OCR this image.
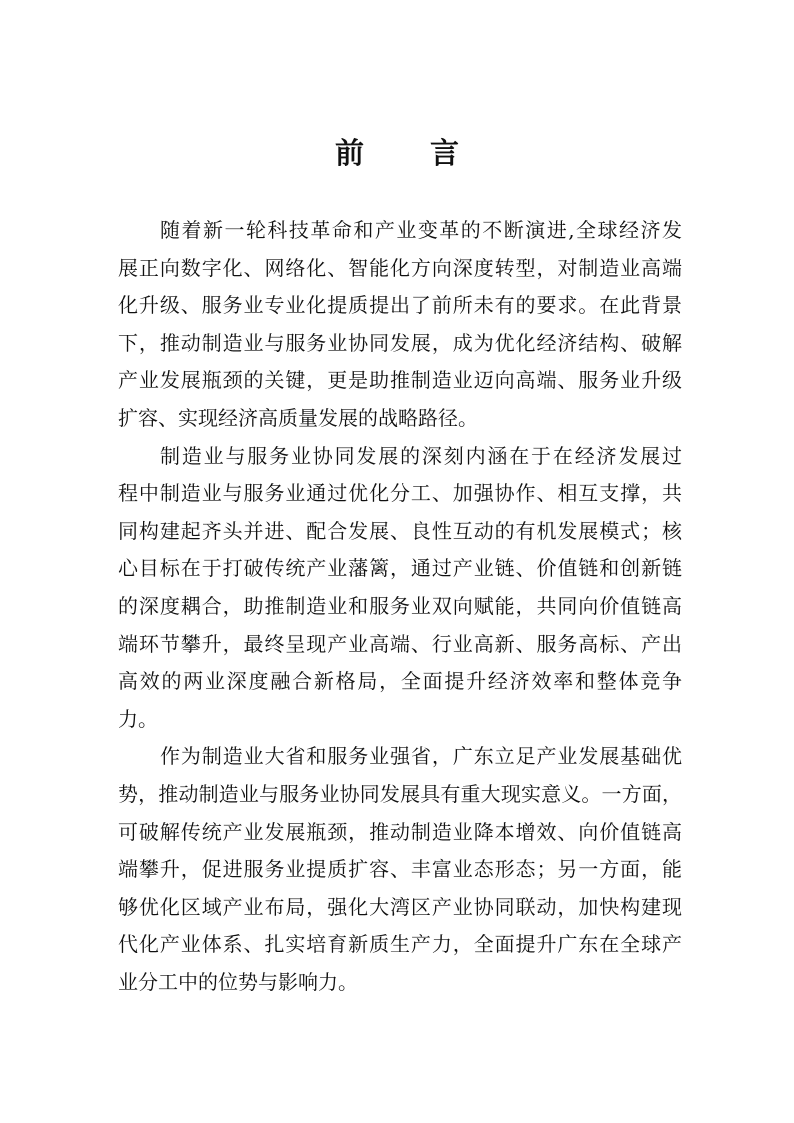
前 言
随着新一轮科技革命和产业变革的不断演进,全球经济发
展正向数字化、网络化、智能化方向深度转型，对制造业高端
化升级、服务业专业化提质提出了前所未有的要求。在此背景
下，推动制造业与服务业协同发展，成为优化经济结构、破解
产业发展瓶颈的关键，更是助推制造业迈向高端、服务业升级
扩容、实现经济高质量发展的战略路径。
制造业与服务业协同发展的深刻内涵在于在经济发展过
程中制造业与服务业通过优化分工、加强协作、相互支撑，共
同构建起齐头并进、配合发展、良性互动的有机发展模式；核
心目标在于打破传统产业藩篱，通过产业链、价值链和创新链
的深度耦合，助推制造业和服务业双向赋能，共同向价值链高
端环节攀升，最终呈现产业高端、行业高新、服务高标、产出
高效的两业深度融合新格局，全面提升经济效率和整体竞争
力。
作为制造业大省和服务业强省，广东立足产业发展基础优
势，推动制造业与服务业协同发展具有重大现实意义。一方面，
可破解传统产业发展瓶颈，推动制造业降本增效、向价值链高
端攀升，促进服务业提质扩容、丰富业态形态；另一方面，能
够优化区域产业布局，强化大湾区产业协同联动，加快构建现
代化产业体系、扎实培育新质生产力，全面提升广东在全球产
业分工中的位势与影响力。
